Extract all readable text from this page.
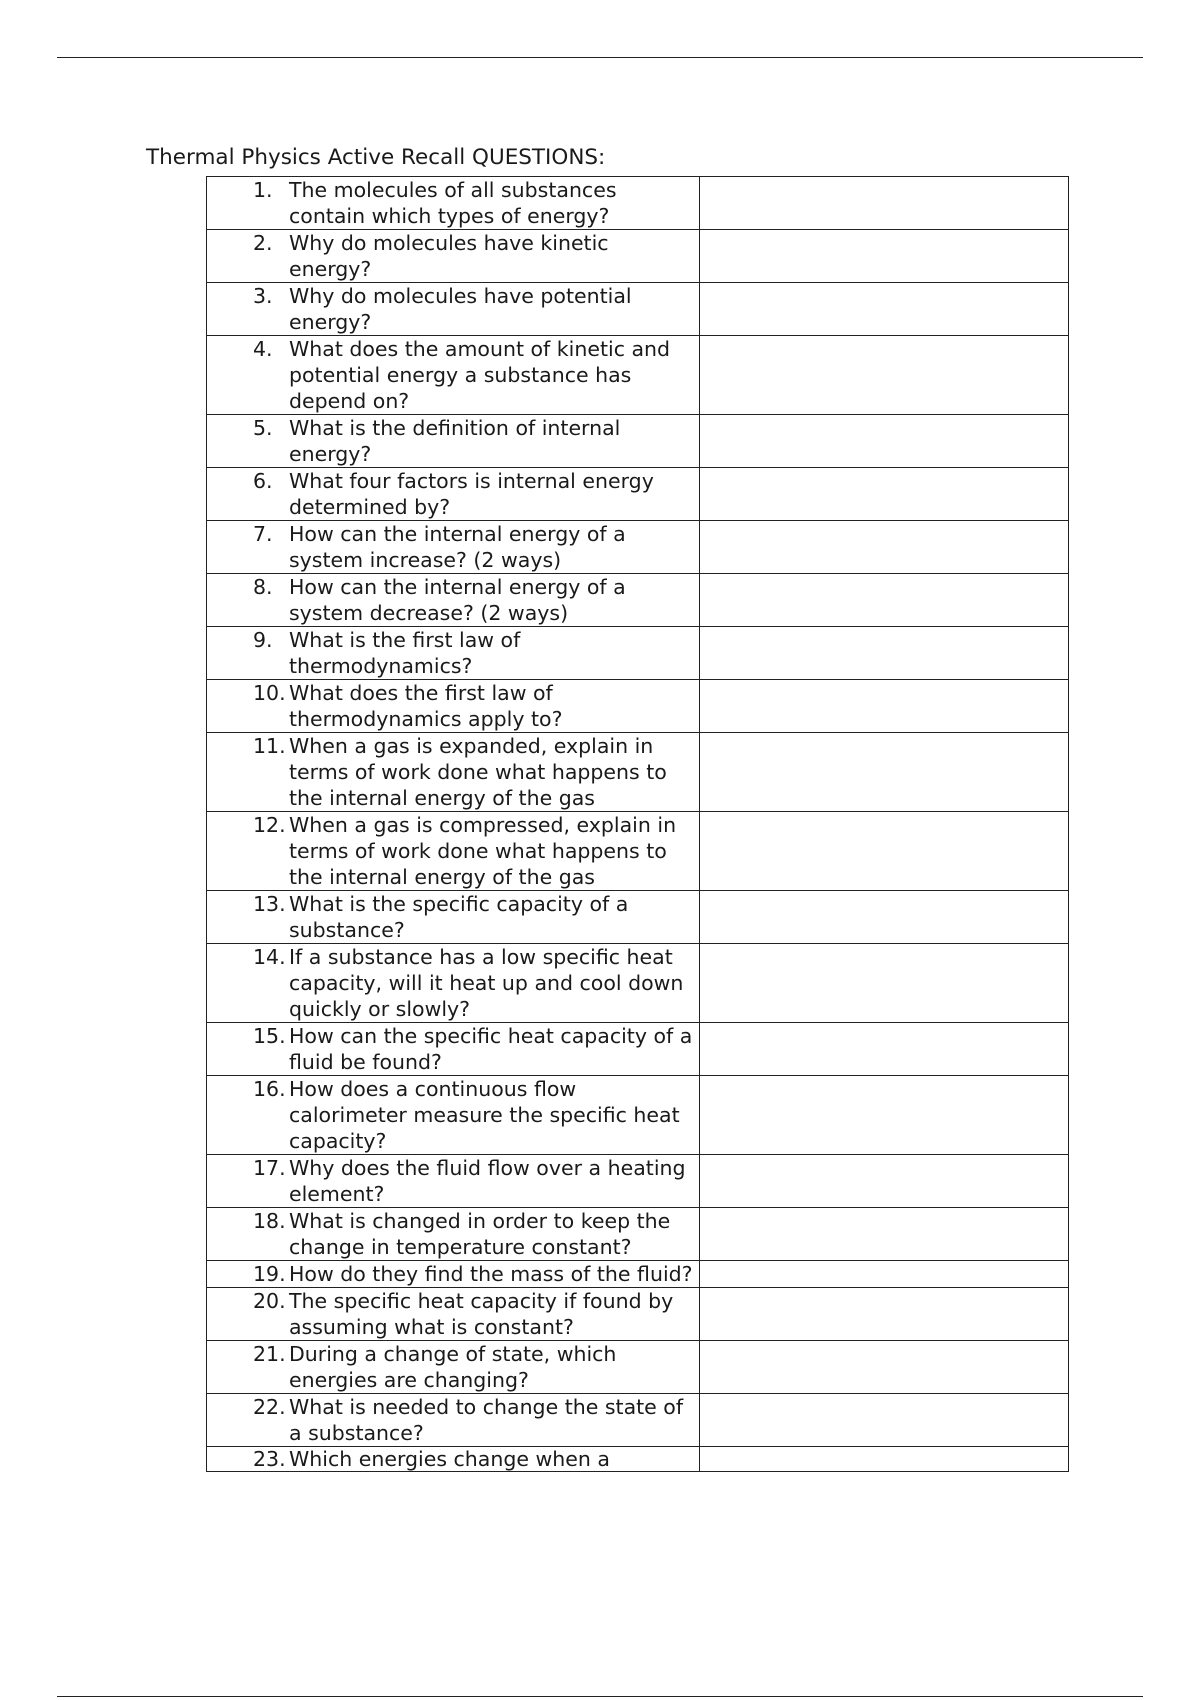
Thermal Physics Active Recall QUESTIONS:
1. The molecules of all substances contain which types of energy?	

2. Why do molecules have kinetic energy?	

3. Why do molecules have potential energy?	

4. What does the amount of kinetic and potential energy a substance has depend on?	

5. What is the definition of internal energy?	

6. What four factors is internal energy determined by?	

7. How can the internal energy of a system increase? (2 ways)	

8. How can the internal energy of a system decrease? (2 ways)	

9. What is the first law of thermodynamics?	

10. What does the first law of thermodynamics apply to?	

11. When a gas is expanded, explain in terms of work done what happens to the internal energy of the gas	

12. When a gas is compressed, explain in terms of work done what happens to the internal energy of the gas	

13. What is the specific capacity of a substance?	

14. If a substance has a low specific heat capacity, will it heat up and cool down quickly or slowly?	

15. How can the specific heat capacity of a fluid be found?	

16. How does a continuous flow calorimeter measure the specific heat capacity?	

17. Why does the fluid flow over a heating element?	

18. What is changed in order to keep the change in temperature constant?	

19. How do they find the mass of the fluid?	

20. The specific heat capacity if found by assuming what is constant?	

21. During a change of state, which energies are changing?	

22. What is needed to change the state of a substance?	

23. Which energies change when a	
